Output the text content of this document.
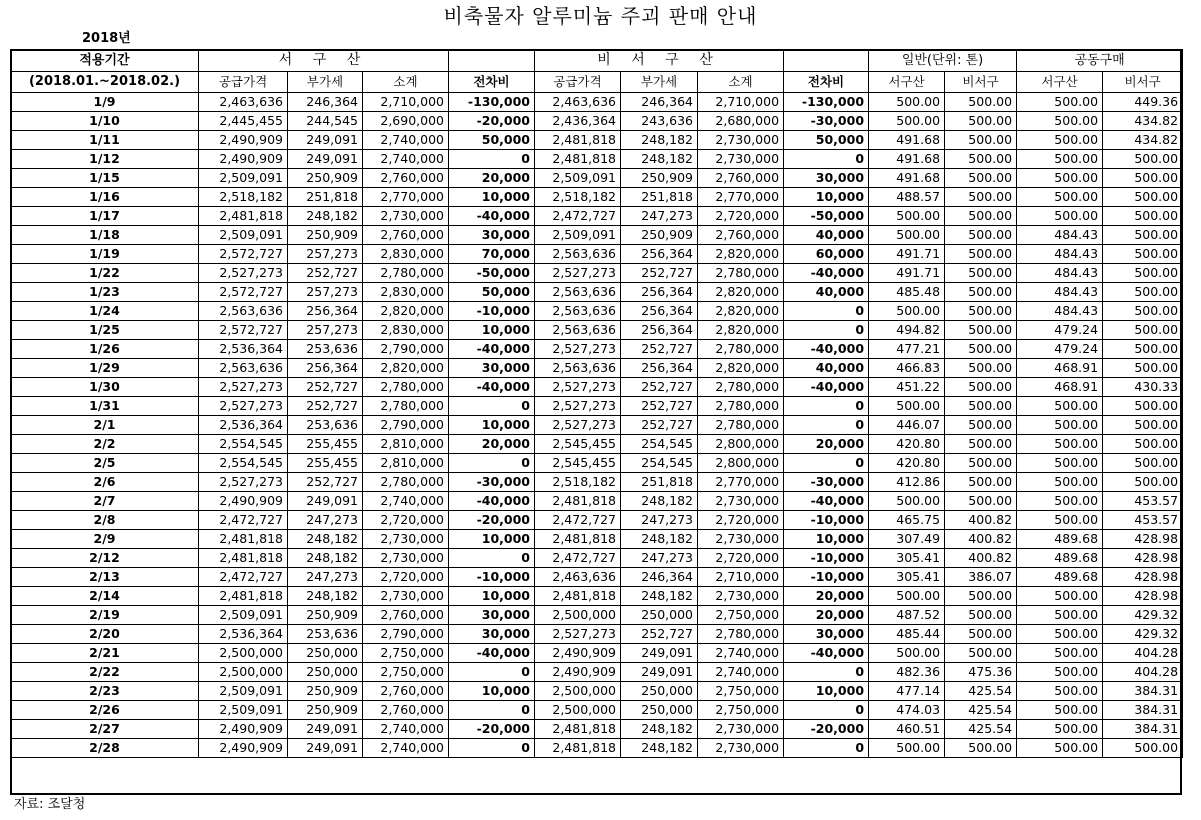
비축물자 알루미늄 주괴 판매 안내
2018년
적용기간	서 구 산				비 서 구 산				일반(단위: 톤)		공동구매	
(2018.01.~2018.02.)	공급가격	부가세	소계	전차비	공급가격	부가세	소계	전차비	서구산	비서구	서구산	비서구
1/9	2,463,636	246,364	2,710,000	-130,000	2,463,636	246,364	2,710,000	-130,000	500.00	500.00	500.00	449.36
1/10	2,445,455	244,545	2,690,000	-20,000	2,436,364	243,636	2,680,000	-30,000	500.00	500.00	500.00	434.82
1/11	2,490,909	249,091	2,740,000	50,000	2,481,818	248,182	2,730,000	50,000	491.68	500.00	500.00	434.82
1/12	2,490,909	249,091	2,740,000	0	2,481,818	248,182	2,730,000	0	491.68	500.00	500.00	500.00
1/15	2,509,091	250,909	2,760,000	20,000	2,509,091	250,909	2,760,000	30,000	491.68	500.00	500.00	500.00
1/16	2,518,182	251,818	2,770,000	10,000	2,518,182	251,818	2,770,000	10,000	488.57	500.00	500.00	500.00
1/17	2,481,818	248,182	2,730,000	-40,000	2,472,727	247,273	2,720,000	-50,000	500.00	500.00	500.00	500.00
1/18	2,509,091	250,909	2,760,000	30,000	2,509,091	250,909	2,760,000	40,000	500.00	500.00	484.43	500.00
1/19	2,572,727	257,273	2,830,000	70,000	2,563,636	256,364	2,820,000	60,000	491.71	500.00	484.43	500.00
1/22	2,527,273	252,727	2,780,000	-50,000	2,527,273	252,727	2,780,000	-40,000	491.71	500.00	484.43	500.00
1/23	2,572,727	257,273	2,830,000	50,000	2,563,636	256,364	2,820,000	40,000	485.48	500.00	484.43	500.00
1/24	2,563,636	256,364	2,820,000	-10,000	2,563,636	256,364	2,820,000	0	500.00	500.00	484.43	500.00
1/25	2,572,727	257,273	2,830,000	10,000	2,563,636	256,364	2,820,000	0	494.82	500.00	479.24	500.00
1/26	2,536,364	253,636	2,790,000	-40,000	2,527,273	252,727	2,780,000	-40,000	477.21	500.00	479.24	500.00
1/29	2,563,636	256,364	2,820,000	30,000	2,563,636	256,364	2,820,000	40,000	466.83	500.00	468.91	500.00
1/30	2,527,273	252,727	2,780,000	-40,000	2,527,273	252,727	2,780,000	-40,000	451.22	500.00	468.91	430.33
1/31	2,527,273	252,727	2,780,000	0	2,527,273	252,727	2,780,000	0	500.00	500.00	500.00	500.00
2/1	2,536,364	253,636	2,790,000	10,000	2,527,273	252,727	2,780,000	0	446.07	500.00	500.00	500.00
2/2	2,554,545	255,455	2,810,000	20,000	2,545,455	254,545	2,800,000	20,000	420.80	500.00	500.00	500.00
2/5	2,554,545	255,455	2,810,000	0	2,545,455	254,545	2,800,000	0	420.80	500.00	500.00	500.00
2/6	2,527,273	252,727	2,780,000	-30,000	2,518,182	251,818	2,770,000	-30,000	412.86	500.00	500.00	500.00
2/7	2,490,909	249,091	2,740,000	-40,000	2,481,818	248,182	2,730,000	-40,000	500.00	500.00	500.00	453.57
2/8	2,472,727	247,273	2,720,000	-20,000	2,472,727	247,273	2,720,000	-10,000	465.75	400.82	500.00	453.57
2/9	2,481,818	248,182	2,730,000	10,000	2,481,818	248,182	2,730,000	10,000	307.49	400.82	489.68	428.98
2/12	2,481,818	248,182	2,730,000	0	2,472,727	247,273	2,720,000	-10,000	305.41	400.82	489.68	428.98
2/13	2,472,727	247,273	2,720,000	-10,000	2,463,636	246,364	2,710,000	-10,000	305.41	386.07	489.68	428.98
2/14	2,481,818	248,182	2,730,000	10,000	2,481,818	248,182	2,730,000	20,000	500.00	500.00	500.00	428.98
2/19	2,509,091	250,909	2,760,000	30,000	2,500,000	250,000	2,750,000	20,000	487.52	500.00	500.00	429.32
2/20	2,536,364	253,636	2,790,000	30,000	2,527,273	252,727	2,780,000	30,000	485.44	500.00	500.00	429.32
2/21	2,500,000	250,000	2,750,000	-40,000	2,490,909	249,091	2,740,000	-40,000	500.00	500.00	500.00	404.28
2/22	2,500,000	250,000	2,750,000	0	2,490,909	249,091	2,740,000	0	482.36	475.36	500.00	404.28
2/23	2,509,091	250,909	2,760,000	10,000	2,500,000	250,000	2,750,000	10,000	477.14	425.54	500.00	384.31
2/26	2,509,091	250,909	2,760,000	0	2,500,000	250,000	2,750,000	0	474.03	425.54	500.00	384.31
2/27	2,490,909	249,091	2,740,000	-20,000	2,481,818	248,182	2,730,000	-20,000	460.51	425.54	500.00	384.31
2/28	2,490,909	249,091	2,740,000	0	2,481,818	248,182	2,730,000	0	500.00	500.00	500.00	500.00
자료: 조달청
